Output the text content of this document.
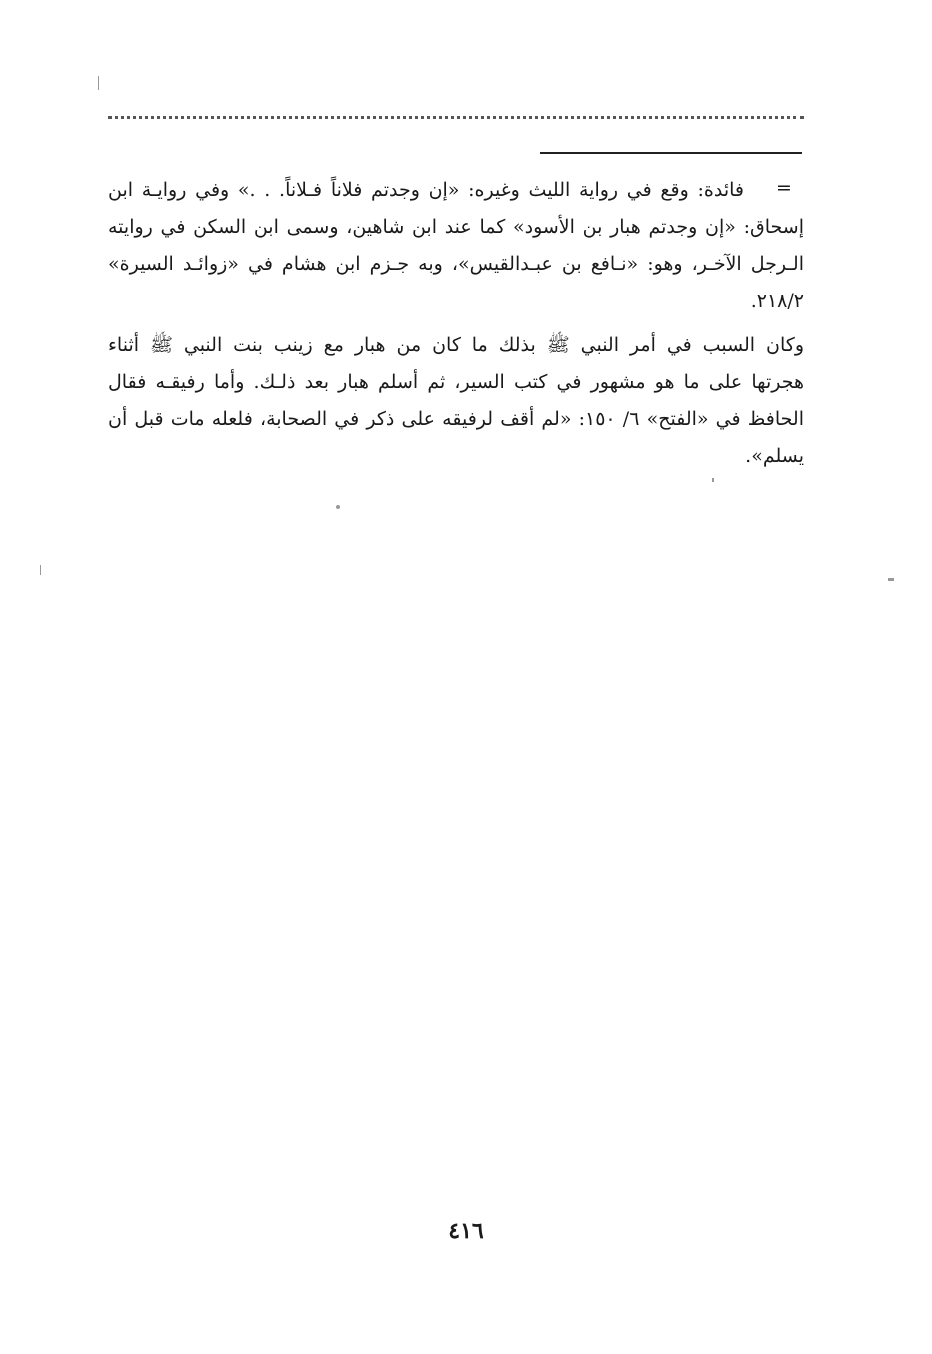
=
فائدة: وقع في رواية الليث وغيره: «إن وجدتم فلاناً فـلاناً. . .» وفي روايـة ابن
إسحاق: «إن وجدتم هبار بن الأسود» كما عند ابن شاهين، وسمى ابن السكن في روايته
الـرجل الآخـر، وهو: «نـافع بن عبـدالقيس»، وبه جـزم ابن هشام في «زوائـد السيرة»
٢١٨/٢.
وكان السبب في أمر النبي ﷺ بذلك ما كان من هبار مع زينب بنت النبي ﷺ أثناء
هجرتها على ما هو مشهور في كتب السير، ثم أسلم هبار بعد ذلـك. وأما رفيقـه فقال
الحافظ في «الفتح» ٦/ ١٥٠: «لم أقف لرفيقه على ذكر في الصحابة، فلعله مات قبل أن
يسلم».
٤١٦
